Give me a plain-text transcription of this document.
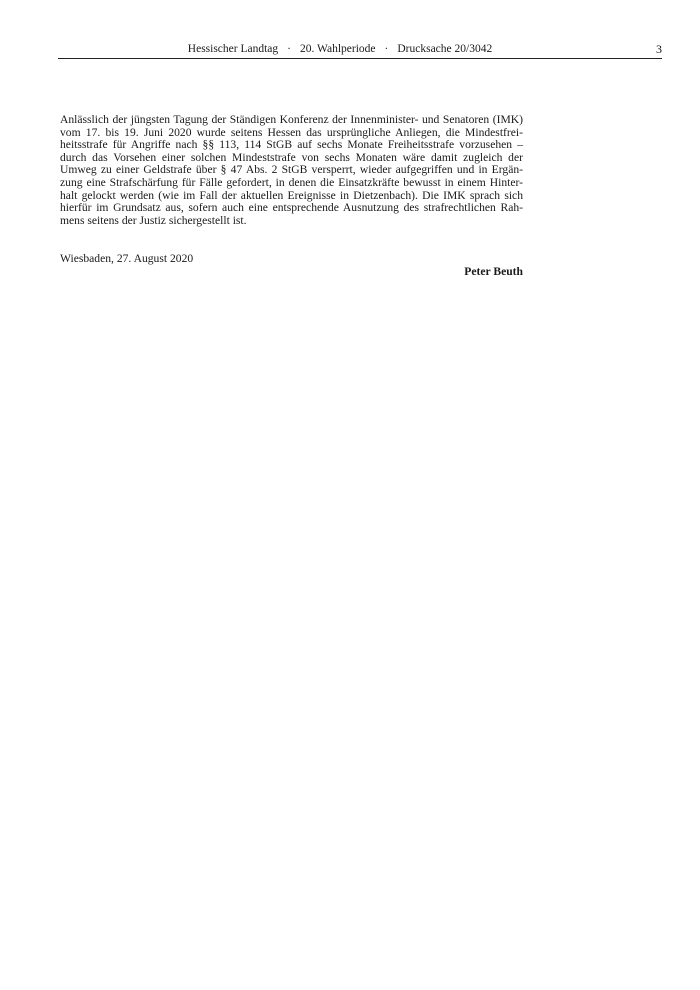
Hessischer Landtag · 20. Wahlperiode · Drucksache 20/3042	3

Anlässlich der jüngsten Tagung der Ständigen Konferenz der Innenminister- und Senatoren (IMK)
vom 17. bis 19. Juni 2020 wurde seitens Hessen das ursprüngliche Anliegen, die Mindestfrei-
heitsstrafe für Angriffe nach §§ 113, 114 StGB auf sechs Monate Freiheitsstrafe vorzusehen –
durch das Vorsehen einer solchen Mindeststrafe von sechs Monaten wäre damit zugleich der
Umweg zu einer Geldstrafe über § 47 Abs. 2 StGB versperrt, wieder aufgegriffen und in Ergän-
zung eine Strafschärfung für Fälle gefordert, in denen die Einsatzkräfte bewusst in einem Hinter-
halt gelockt werden (wie im Fall der aktuellen Ereignisse in Dietzenbach). Die IMK sprach sich
hierfür im Grundsatz aus, sofern auch eine entsprechende Ausnutzung des strafrechtlichen Rah-
mens seitens der Justiz sichergestellt ist.

Wiesbaden, 27. August 2020
Peter Beuth
